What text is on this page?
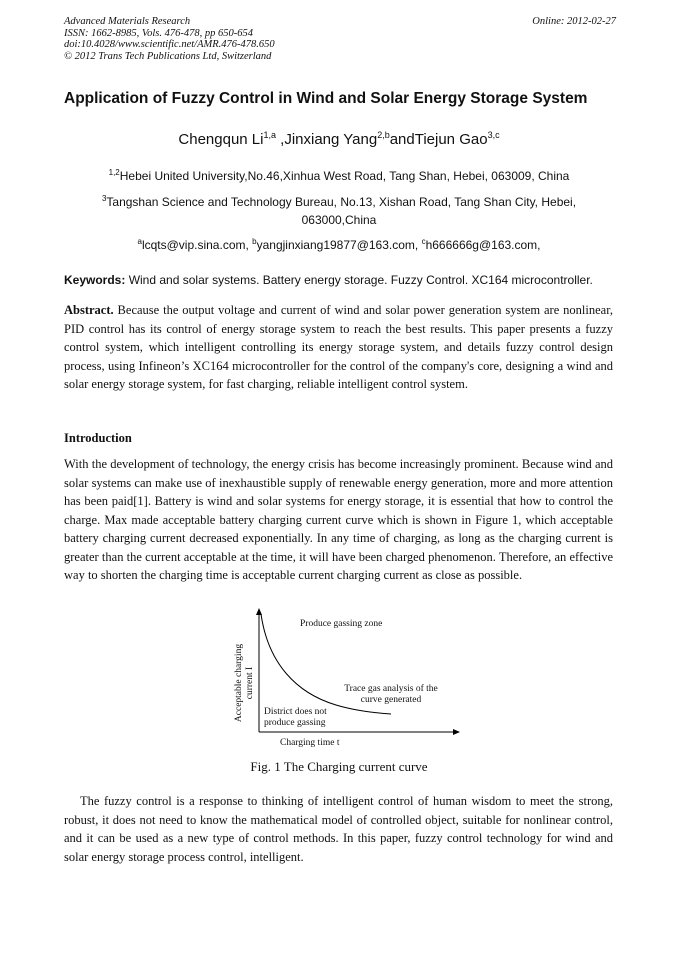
Advanced Materials Research
ISSN: 1662-8985, Vols. 476-478, pp 650-654
doi:10.4028/www.scientific.net/AMR.476-478.650
© 2012 Trans Tech Publications Ltd, Switzerland
Online: 2012-02-27
Application of Fuzzy Control in Wind and Solar Energy Storage System
Chengqun Li$^{1,a}$ ,Jinxiang Yang$^{2,b}$andTiejun Gao$^{3,c}$
$^{1,2}$Hebei United University,No.46,Xinhua West Road, Tang Shan, Hebei, 063009, China
$^3$Tangshan Science and Technology Bureau, No.13, Xishan Road, Tang Shan City, Hebei, 063000,China
$^a$lcqts@vip.sina.com, $^b$yangjinxiang19877@163.com, $^c$h666666g@163.com,
Keywords: Wind and solar systems. Battery energy storage. Fuzzy Control. XC164 microcontroller.
Abstract. Because the output voltage and current of wind and solar power generation system are nonlinear, PID control has its control of energy storage system to reach the best results. This paper presents a fuzzy control system, which intelligent controlling its energy storage system, and details fuzzy control design process, using Infineon’s XC164 microcontroller for the control of the company's core, designing a wind and solar energy storage system, for fast charging, reliable intelligent control system.
Introduction
With the development of technology, the energy crisis has become increasingly prominent. Because wind and solar systems can make use of inexhaustible supply of renewable energy generation, more and more attention has been paid[1]. Battery is wind and solar systems for energy storage, it is essential that how to control the charge. Max made acceptable battery charging current curve which is shown in Figure 1, which acceptable battery charging current decreased exponentially. In any time of charging, as long as the charging current is greater than the current acceptable at the time, it will have been charged phenomenon. Therefore, an effective way to shorten the charging time is acceptable current charging current as close as possible.
Acceptable charging current I
Produce gassing zone
Trace gas analysis of the
curve generated
District does not
produce gassing
Charging time t
Fig. 1 The Charging current curve
The fuzzy control is a response to thinking of intelligent control of human wisdom to meet the strong, robust, it does not need to know the mathematical model of controlled object, suitable for nonlinear control, and it can be used as a new type of control methods. In this paper, fuzzy control technology for wind and solar energy storage process control, intelligent.
